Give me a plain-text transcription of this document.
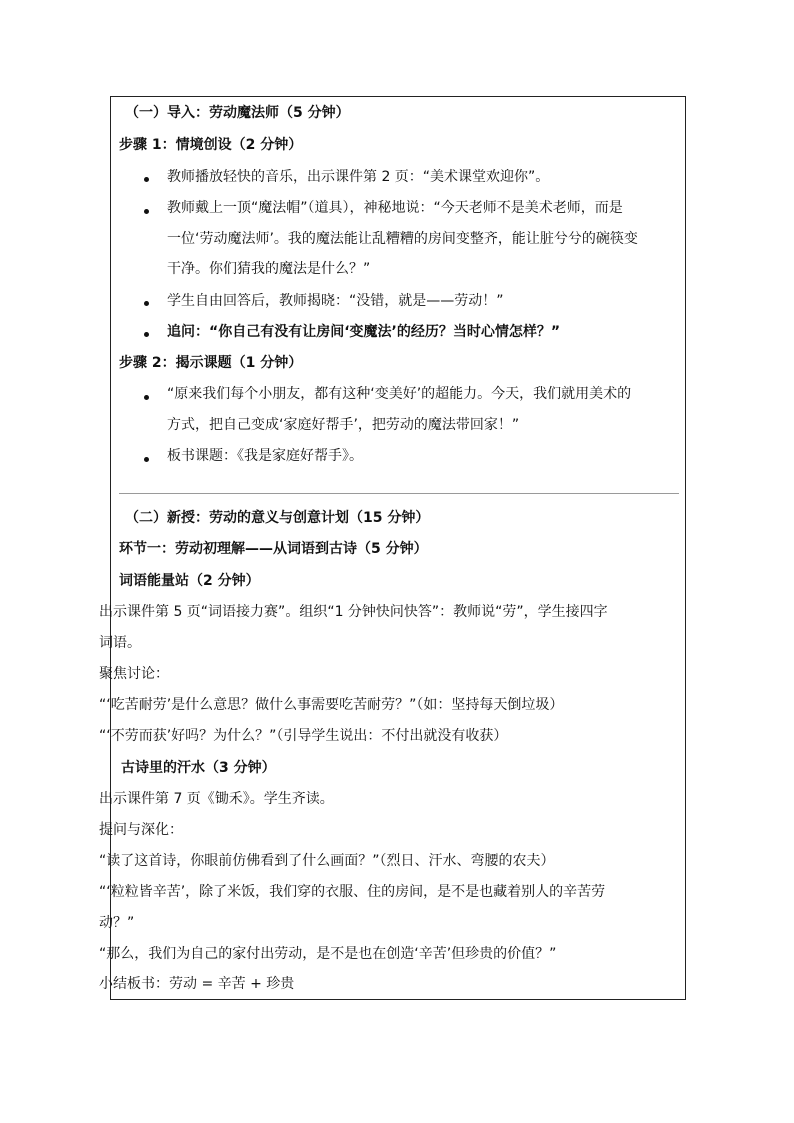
（一）导入：劳动魔法师（5 分钟）
步骤 1：情境创设（2 分钟）
教师播放轻快的音乐，出示课件第 2 页：“美术课堂欢迎你”。
教师戴上一顶“魔法帽”（道具），神秘地说：“今天老师不是美术老师，而是
一位‘劳动魔法师’。我的魔法能让乱糟糟的房间变整齐，能让脏兮兮的碗筷变
干净。你们猜我的魔法是什么？”
学生自由回答后，教师揭晓：“没错，就是——劳动！”
追问：“你自己有没有让房间‘变魔法’的经历？当时心情怎样？”
步骤 2：揭示课题（1 分钟）
“原来我们每个小朋友，都有这种‘变美好’的超能力。今天，我们就用美术的
方式，把自己变成‘家庭好帮手’，把劳动的魔法带回家！”
板书课题：《我是家庭好帮手》。
（二）新授：劳动的意义与创意计划（15 分钟）
环节一：劳动初理解——从词语到古诗（5 分钟）
词语能量站（2 分钟）
出示课件第 5 页“词语接力赛”。组织“1 分钟快问快答”：教师说“劳”，学生接四字
词语。
聚焦讨论：
“‘吃苦耐劳’是什么意思？做什么事需要吃苦耐劳？”（如：坚持每天倒垃圾）
“‘不劳而获’好吗？为什么？”（引导学生说出：不付出就没有收获）
古诗里的汗水（3 分钟）
出示课件第 7 页《锄禾》。学生齐读。
提问与深化：
“读了这首诗，你眼前仿佛看到了什么画面？”（烈日、汗水、弯腰的农夫）
“‘粒粒皆辛苦’，除了米饭，我们穿的衣服、住的房间，是不是也藏着别人的辛苦劳
动？”
“那么，我们为自己的家付出劳动，是不是也在创造‘辛苦’但珍贵的价值？”
小结板书：劳动 = 辛苦 + 珍贵
